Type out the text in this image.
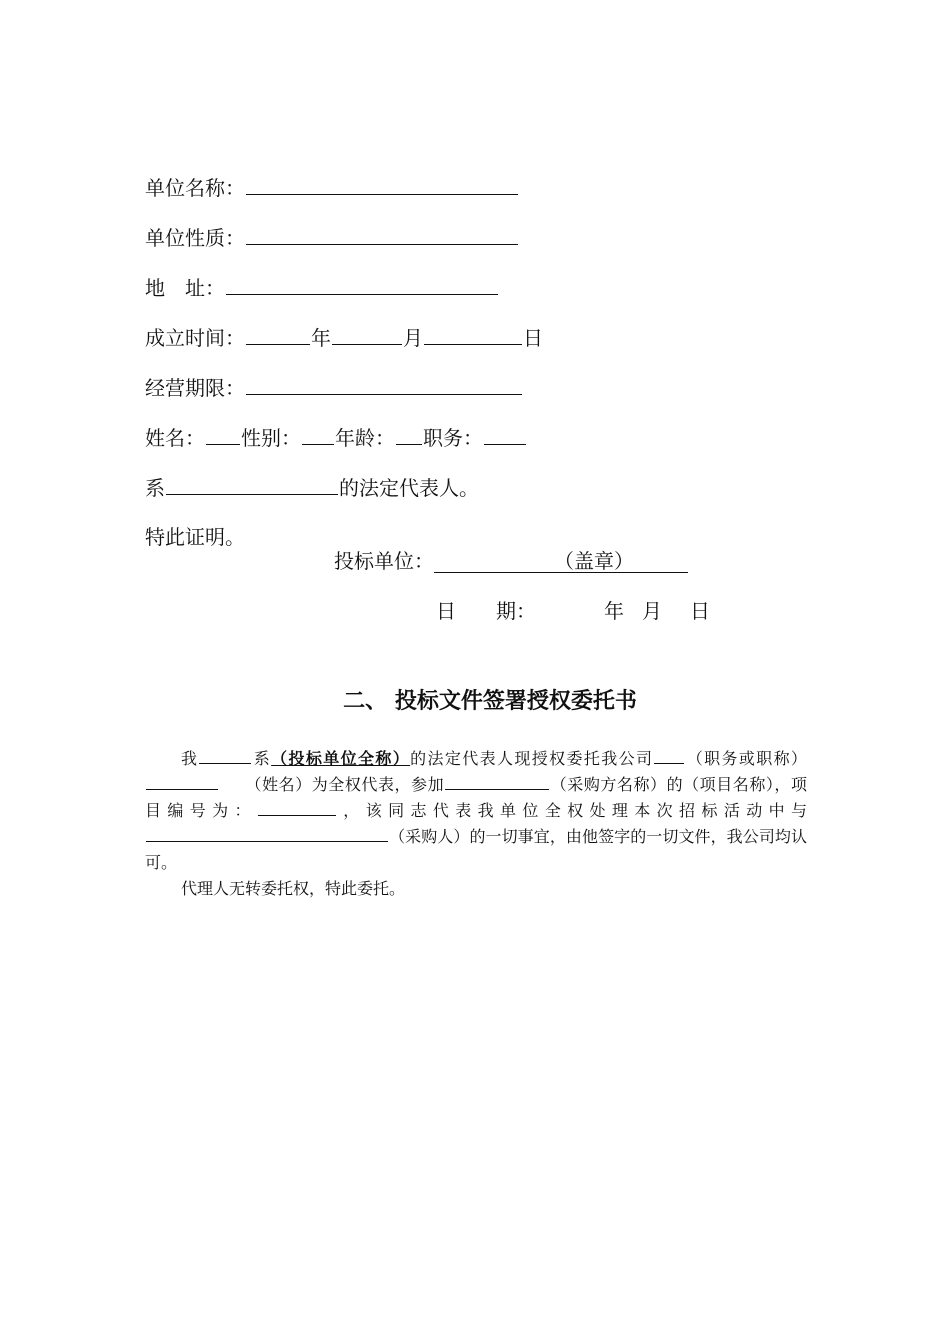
单位名称：
单位性质：
地　址：
成立时间：	年	月	日
经营期限：
姓名： 性别： 年龄： 职务：
系	的法定代表人。
特此证明。
投标单位：	（盖章）
日　　期：	年 月 日
二、 投标文件签署授权委托书
我	系（投标单位全称）的法定代表人现授权委托我公司 （职务或职称）（姓名）为全权代表，参加	（采购方名称）的（项目名称），项目编号为：	，该同志代表我单位全权处理本次招标活动中与（采购人）的一切事宜，由他签字的一切文件，我公司均认可。
代理人无转委托权，特此委托。
